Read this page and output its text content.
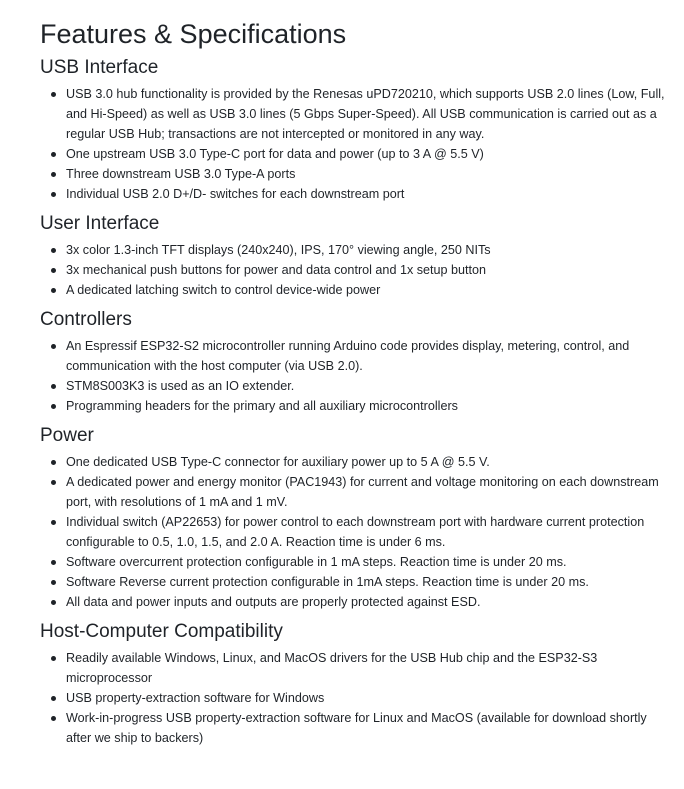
Features & Specifications
USB Interface
USB 3.0 hub functionality is provided by the Renesas uPD720210, which supports USB 2.0 lines (Low, Full, and Hi-Speed) as well as USB 3.0 lines (5 Gbps Super-Speed). All USB communication is carried out as a regular USB Hub; transactions are not intercepted or monitored in any way.
One upstream USB 3.0 Type-C port for data and power (up to 3 A @ 5.5 V)
Three downstream USB 3.0 Type-A ports
Individual USB 2.0 D+/D- switches for each downstream port
User Interface
3x color 1.3-inch TFT displays (240x240), IPS, 170° viewing angle, 250 NITs
3x mechanical push buttons for power and data control and 1x setup button
A dedicated latching switch to control device-wide power
Controllers
An Espressif ESP32-S2 microcontroller running Arduino code provides display, metering, control, and communication with the host computer (via USB 2.0).
STM8S003K3 is used as an IO extender.
Programming headers for the primary and all auxiliary microcontrollers
Power
One dedicated USB Type-C connector for auxiliary power up to 5 A @ 5.5 V.
A dedicated power and energy monitor (PAC1943) for current and voltage monitoring on each downstream port, with resolutions of 1 mA and 1 mV.
Individual switch (AP22653) for power control to each downstream port with hardware current protection configurable to 0.5, 1.0, 1.5, and 2.0 A. Reaction time is under 6 ms.
Software overcurrent protection configurable in 1 mA steps. Reaction time is under 20 ms.
Software Reverse current protection configurable in 1mA steps. Reaction time is under 20 ms.
All data and power inputs and outputs are properly protected against ESD.
Host-Computer Compatibility
Readily available Windows, Linux, and MacOS drivers for the USB Hub chip and the ESP32-S3 microprocessor
USB property-extraction software for Windows
Work-in-progress USB property-extraction software for Linux and MacOS (available for download shortly after we ship to backers)
